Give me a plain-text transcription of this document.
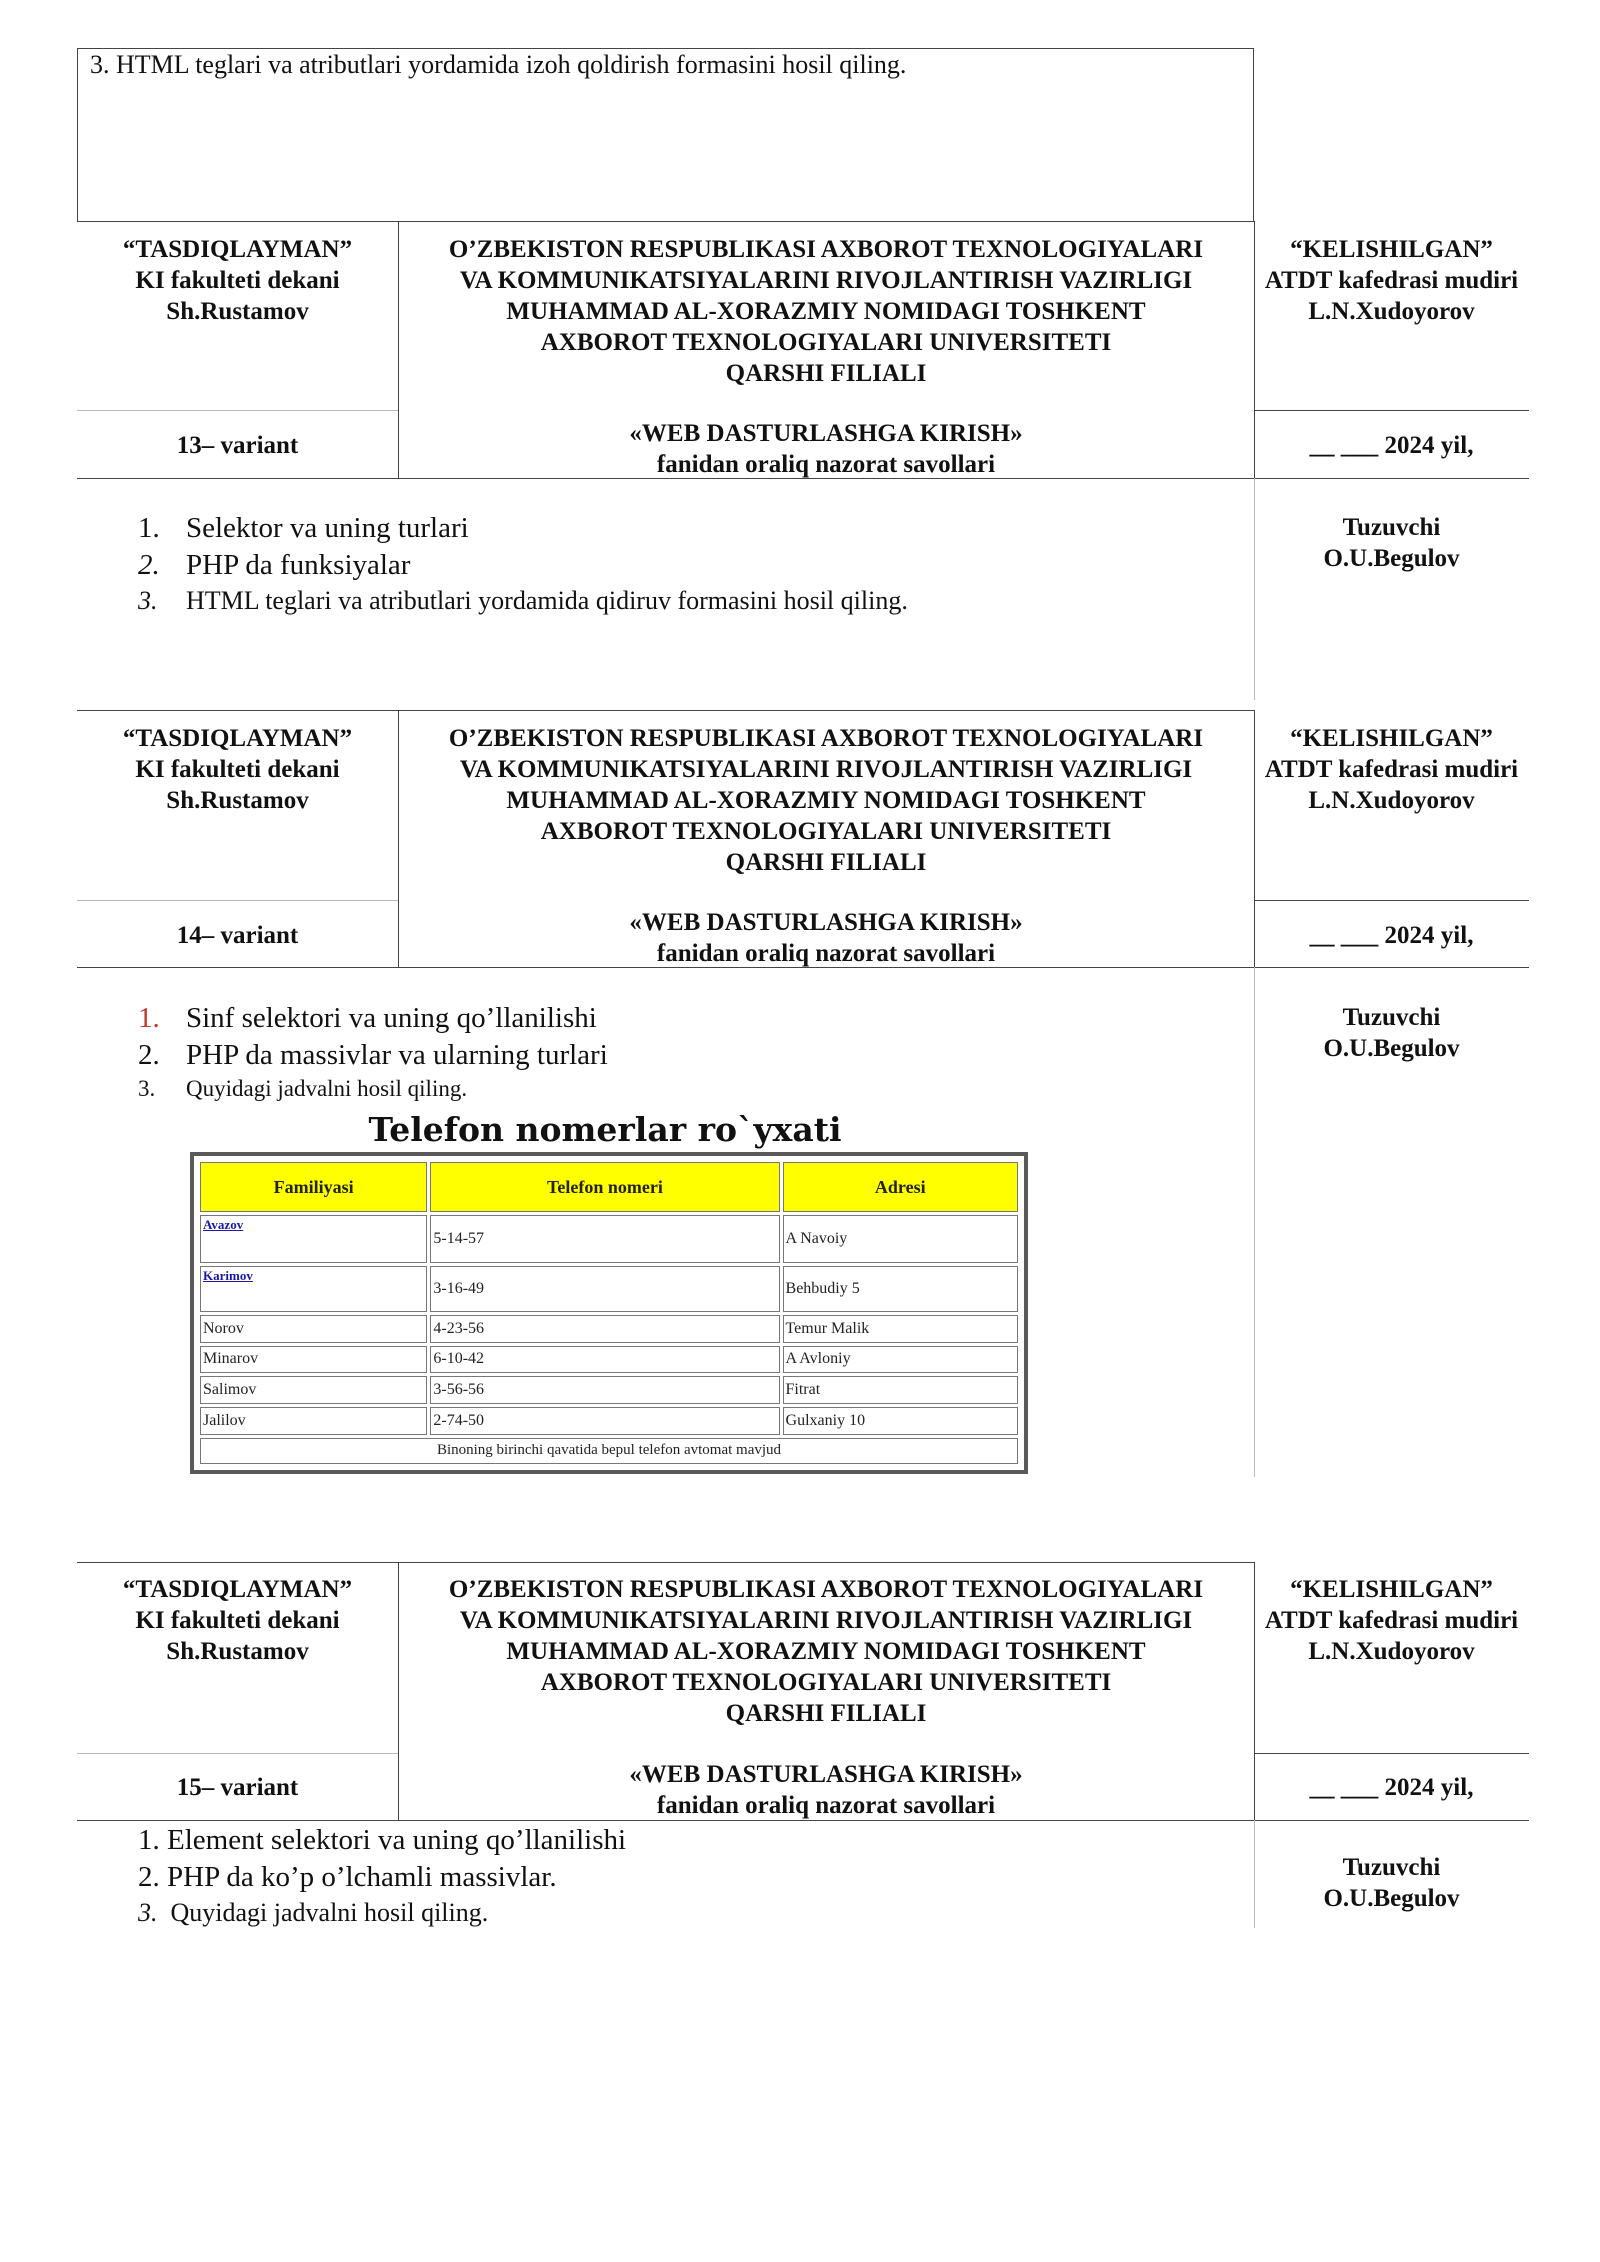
3. HTML teglari va atributlari yordamida izoh qoldirish formasini hosil qiling.
“TASDIQLAYMAN”
KI fakulteti dekani
Sh.Rustamov
O’ZBEKISTON RESPUBLIKASI AXBOROT TEXNOLOGIYALARI
VA KOMMUNIKATSIYALARINI RIVOJLANTIRISH VAZIRLIGI
MUHAMMAD AL-XORAZMIY NOMIDAGI TOSHKENT
AXBOROT TEXNOLOGIYALARI UNIVERSITETI
QARSHI FILIALI
“KELISHILGAN”
ATDT kafedrasi mudiri
L.N.Xudoyorov
13– variant	«WEB DASTURLASHGA KIRISH»
fanidan oraliq nazorat savollari
__ ___ 2024 yil,
1. Selektor va uning turlari
2. PHP da funksiyalar
3. HTML teglari va atributlari yordamida qidiruv formasini hosil qiling.
Tuzuvchi
O.U.Begulov
“TASDIQLAYMAN”
KI fakulteti dekani
Sh.Rustamov
O’ZBEKISTON RESPUBLIKASI AXBOROT TEXNOLOGIYALARI
VA KOMMUNIKATSIYALARINI RIVOJLANTIRISH VAZIRLIGI
MUHAMMAD AL-XORAZMIY NOMIDAGI TOSHKENT
AXBOROT TEXNOLOGIYALARI UNIVERSITETI
QARSHI FILIALI
“KELISHILGAN”
ATDT kafedrasi mudiri
L.N.Xudoyorov
14– variant	«WEB DASTURLASHGA KIRISH»
fanidan oraliq nazorat savollari
__ ___ 2024 yil,
1. Sinf selektori va uning qo’llanilishi
2. PHP da massivlar va ularning turlari
3. Quyidagi jadvalni hosil qiling.
Tuzuvchi
O.U.Begulov
Telefon nomerlar ro`yxati
Familiyasi	Telefon nomeri	Adresi
Avazov	5-14-57	A Navoiy
Karimov	3-16-49	Behbudiy 5
Norov	4-23-56	Temur Malik
Minarov	6-10-42	A Avloniy
Salimov	3-56-56	Fitrat
Jalilov	2-74-50	Gulxaniy 10
Binoning birinchi qavatida bepul telefon avtomat mavjud		
“TASDIQLAYMAN”
KI fakulteti dekani
Sh.Rustamov
O’ZBEKISTON RESPUBLIKASI AXBOROT TEXNOLOGIYALARI
VA KOMMUNIKATSIYALARINI RIVOJLANTIRISH VAZIRLIGI
MUHAMMAD AL-XORAZMIY NOMIDAGI TOSHKENT
AXBOROT TEXNOLOGIYALARI UNIVERSITETI
QARSHI FILIALI
“KELISHILGAN”
ATDT kafedrasi mudiri
L.N.Xudoyorov
15– variant	«WEB DASTURLASHGA KIRISH»
fanidan oraliq nazorat savollari
__ ___ 2024 yil,
1. Element selektori va uning qo’llanilishi
2. PHP da ko’p o’lchamli massivlar.
3. Quyidagi jadvalni hosil qiling.
Tuzuvchi
O.U.Begulov
